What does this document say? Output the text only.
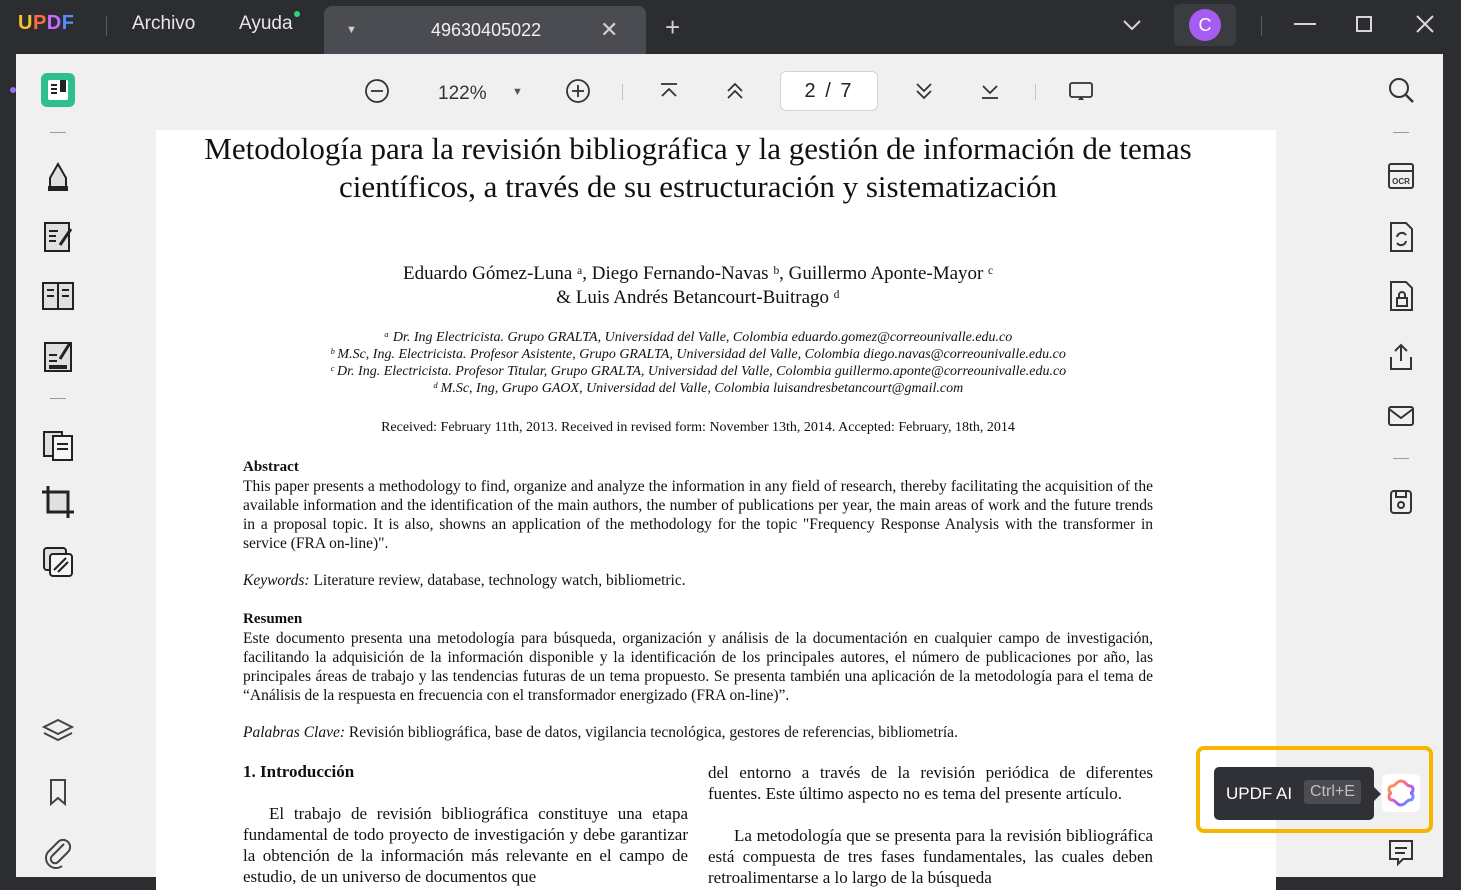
UPDF	Archivo Ayuda	▼	49630405022	✕ +	C
122% ▼	2 / 7
Metodología para la revisión bibliográfica y la gestión de información de temas científicos, a través de su estructuración y sistematización
Eduardo Gómez-Luna ᵃ, Diego Fernando-Navas ᵇ, Guillermo Aponte-Mayor ᶜ
& Luis Andrés Betancourt-Buitrago ᵈ
ᵃ Dr. Ing Electricista. Grupo GRALTA, Universidad del Valle, Colombia eduardo.gomez@correounivalle.edu.co
ᵇ M.Sc, Ing. Electricista. Profesor Asistente, Grupo GRALTA, Universidad del Valle, Colombia diego.navas@correounivalle.edu.co
ᶜ Dr. Ing. Electricista. Profesor Titular, Grupo GRALTA, Universidad del Valle, Colombia guillermo.aponte@correounivalle.edu.co
ᵈ M.Sc, Ing, Grupo GAOX, Universidad del Valle, Colombia luisandresbetancourt@gmail.com
Received: February 11th, 2013. Received in revised form: November 13th, 2014. Accepted: February, 18th, 2014
Abstract
This paper presents a methodology to find, organize and analyze the information in any field of research, thereby facilitating the acquisition of the available information and the identification of the main authors, the number of publications per year, the main areas of work and the future trends in a proposal topic. It is also, showns an application of the methodology for the topic "Frequency Response Analysis with the transformer in service (FRA on-line)".
Keywords: Literature review, database, technology watch, bibliometric.
Resumen
Este documento presenta una metodología para búsqueda, organización y análisis de la documentación en cualquier campo de investigación, facilitando la adquisición de la información disponible y la identificación de los principales autores, el número de publicaciones por año, las principales áreas de trabajo y las tendencias futuras de un tema propuesto. Se presenta también una aplicación de la metodología para el tema de “Análisis de la respuesta en frecuencia con el transformador energizado (FRA on-line)”.
Palabras Clave: Revisión bibliográfica, base de datos, vigilancia tecnológica, gestores de referencias, bibliometría.
1. Introducción
El trabajo de revisión bibliográfica constituye una etapa fundamental de todo proyecto de investigación y debe garantizar la obtención de la información más relevante en el campo de estudio, de un universo de documentos que
del entorno a través de la revisión periódica de diferentes fuentes. Este último aspecto no es tema del presente artículo.
La metodología que se presenta para la revisión bibliográfica está compuesta de tres fases fundamentales, las cuales deben retroalimentarse a lo largo de la búsqueda
OCR
UPDF AI	Ctrl+E
